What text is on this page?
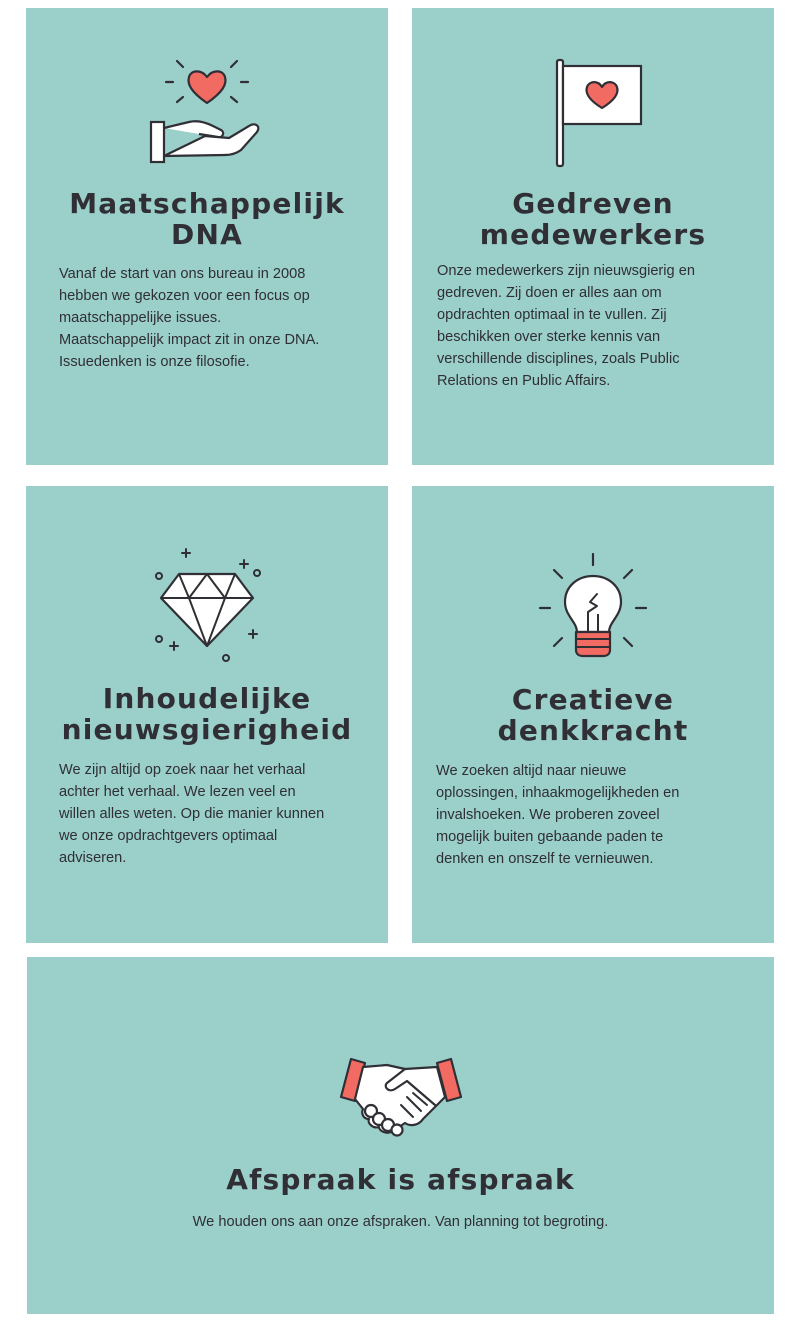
Maatschappelijk
DNA

Vanaf de start van ons bureau in 2008
hebben we gekozen voor een focus op
maatschappelijke issues.
Maatschappelijk impact zit in onze DNA.
Issuedenken is onze filosofie.

Gedreven
medewerkers

Onze medewerkers zijn nieuwsgierig en
gedreven. Zij doen er alles aan om
opdrachten optimaal in te vullen. Zij
beschikken over sterke kennis van
verschillende disciplines, zoals Public
Relations en Public Affairs.

Inhoudelijke
nieuwsgierigheid

We zijn altijd op zoek naar het verhaal
achter het verhaal. We lezen veel en
willen alles weten. Op die manier kunnen
we onze opdrachtgevers optimaal
adviseren.

Creatieve
denkkracht

We zoeken altijd naar nieuwe
oplossingen, inhaakmogelijkheden en
invalshoeken. We proberen zoveel
mogelijk buiten gebaande paden te
denken en onszelf te vernieuwen.

Afspraak is afspraak

We houden ons aan onze afspraken. Van planning tot begroting.
